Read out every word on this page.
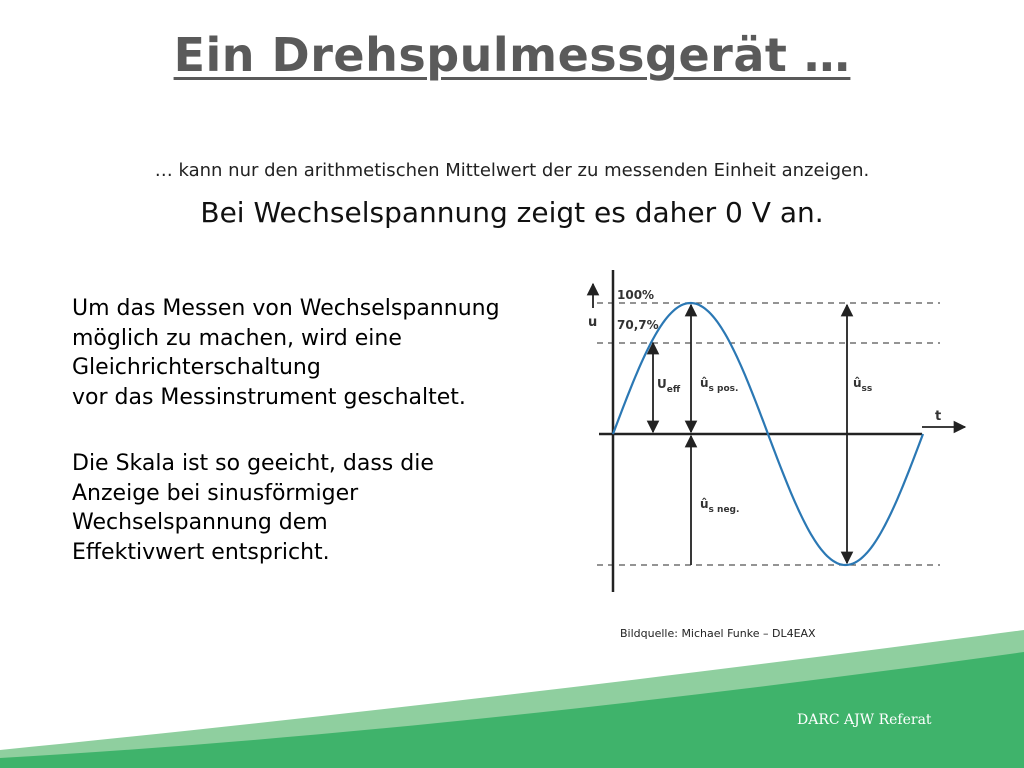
Ein Drehspulmessgerät …
… kann nur den arithmetischen Mittelwert der zu messenden Einheit anzeigen.
Bei Wechselspannung zeigt es daher 0 V an.
Um das Messen von Wechselspannung
möglich zu machen, wird eine
Gleichrichterschaltung
vor das Messinstrument geschaltet.
Die Skala ist so geeicht, dass die
Anzeige bei sinusförmiger
Wechselspannung dem
Effektivwert entspricht.
u
t
100%
70,7%
$U_{eff}$ $û_{s pos.}$
$û_{s neg.}$
$û_{ss}$
Bildquelle: Michael Funke – DL4EAX
DARC AJW Referat
